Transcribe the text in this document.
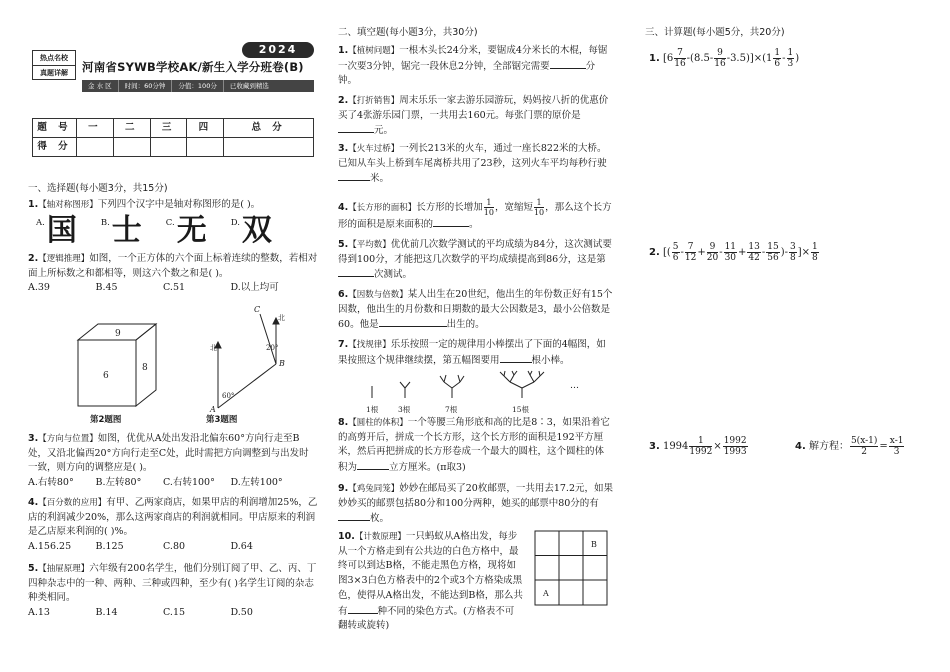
热点名校
真题详解
2024
河南省SYWB学校AK/新生入学分班卷(B)
金 水 区	时间：60分钟	分值：100分	已收藏到精选
题 号	一	二	三	四	总 分
得 分					
一、选择题(每小题3分，共15分)
1.【轴对称图形】下列四个汉字中是轴对称图形的是( )。
A. 国	B. 士	C. 无	D. 双
2.【逻辑推理】如图，一个正方体的六个面上标着连续的整数，若相对面上所标数之和都相等，则这六个数之和是( )。
A.39	B.45	C.51	D.以上均可
9
6
8
北
北
C
A
B
60°
20°
第2题图	第3题图
3.【方向与位置】如图，优优从A处出发沿北偏东60°方向行走至B处，又沿北偏西20°方向行走至C处，此时需把方向调整到与出发时一致，则方向的调整应是( )。
A.右转80°	B.左转80°	C.右转100°	D.左转100°
4.【百分数的应用】有甲、乙两家商店，如果甲店的利润增加25%，乙店的利润减少20%，那么这两家商店的利润就相同。甲店原来的利润是乙店原来利润的( )%。
A.156.25	B.125	C.80	D.64
5.【抽屉原理】六年级有200名学生，他们分别订阅了甲、乙、丙、丁四种杂志中的一种、两种、三种或四种，至少有( )名学生订阅的杂志种类相同。
A.13	B.14	C.15	D.50
二、填空题(每小题3分，共30分)
1.【植树问题】一根木头长24分米，要锯成4分米长的木棍，每锯一次要3分钟，锯完一段休息2分钟，全部锯完需要	分钟。
2.【打折销售】周末乐乐一家去游乐园游玩，妈妈按八折的优惠价买了4张游乐园门票，一共用去160元。每张门票的原价是元。
3.【火车过桥】一列长213米的火车，通过一座长822米的大桥。已知从车头上桥到车尾离桥共用了23秒，这列火车平均每秒行驶米。
4.【长方形的面积】长方形的长增加 $\frac{1}{10}$ ，宽缩短 $\frac{1}{10}$ ，那么这个长方形的面积是原来面积的	。
5.【平均数】优优前几次数学测试的平均成绩为84分，这次测试要得到100分，才能把这几次数学的平均成绩提高到86分，这是第次测试。
6.【因数与倍数】某人出生在20世纪，他出生的年份数正好有15个因数，他出生的月份数和日期数的最大公因数是3，最小公倍数是60。他是	出生的。
7.【找规律】乐乐按照一定的规律用小棒摆出了下面的4幅图，如果按照这个规律继续摆，第五幅图要用	根小棒。
…
1根	3根	7根	15根
8.【圆柱的体积】一个等腰三角形底和高的比是8∶3，如果沿着它的高剪开后，拼成一个长方形，这个长方形的面积是192平方厘米，然后再把拼成的长方形卷成一个最大的圆柱，这个圆柱的体积为	立方厘米。(π取3)
9.【鸡兔同笼】妙妙在邮局买了20枚邮票，一共用去17.2元，如果妙妙买的邮票包括80分和100分两种，她买的邮票中80分的有枚。
10.【计数原理】一只蚂蚁从A格出发，每步从一个方格走到有公共边的白色方格中，最终可以到达B格，不能走黑色方格，现将如图3×3白色方格表中的2个或3个方格染成黑色，使得从A格出发，不能达到B格，那么共有	种不同的染色方式。(方格表不可翻转或旋转)
B
A
三、计算题(每小题5分，共20分)
1. $[6 \frac{7}{16} -(8.5- \frac{9}{16} -3.5)]\times(1 \frac{1}{6} - \frac{1}{3}$ )
2. [( $\frac{5}{6} - \frac{7}{12} + \frac{9}{20} - \frac{11}{30} + \frac{13}{42} - \frac{15}{56}$ )- $\frac{3}{8}$ ]× $\frac{1}{8}$
3. $1994 \frac{1}{1992} \times \frac{1992}{1993}$	4. 解方程： $\frac{5(x-1)}{2} = \frac{x-1}{3}$
